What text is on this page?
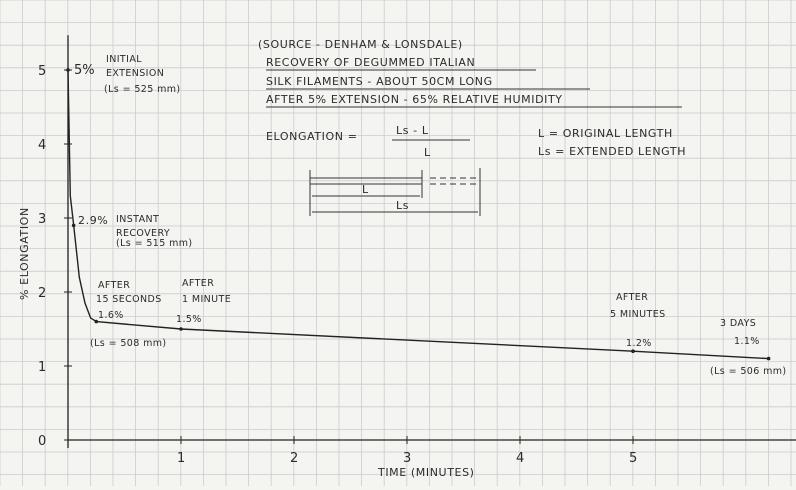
1	2	3	4	5
0
1
2
3
4
5 5%
INITIAL
EXTENSION
(Ls = 525 mm)
2.9% INSTANT
RECOVERY
(Ls = 515 mm)
AFTER
15 SECONDS
1.6%
(Ls = 508 mm)
AFTER
1 MINUTE
1.5%
AFTER
5 MINUTES
1.2%
3 DAYS
1.1%
(Ls = 506 mm)
(SOURCE - DENHAM & LONSDALE)
RECOVERY OF DEGUMMED ITALIAN
SILK FILAMENTS - ABOUT 50CM LONG
AFTER 5% EXTENSION - 65% RELATIVE HUMIDITY
ELONGATION =	Ls - L
L
L = ORIGINAL LENGTH
Ls = EXTENDED LENGTH
L
Ls
TIME (MINUTES)
% ELONGATION
